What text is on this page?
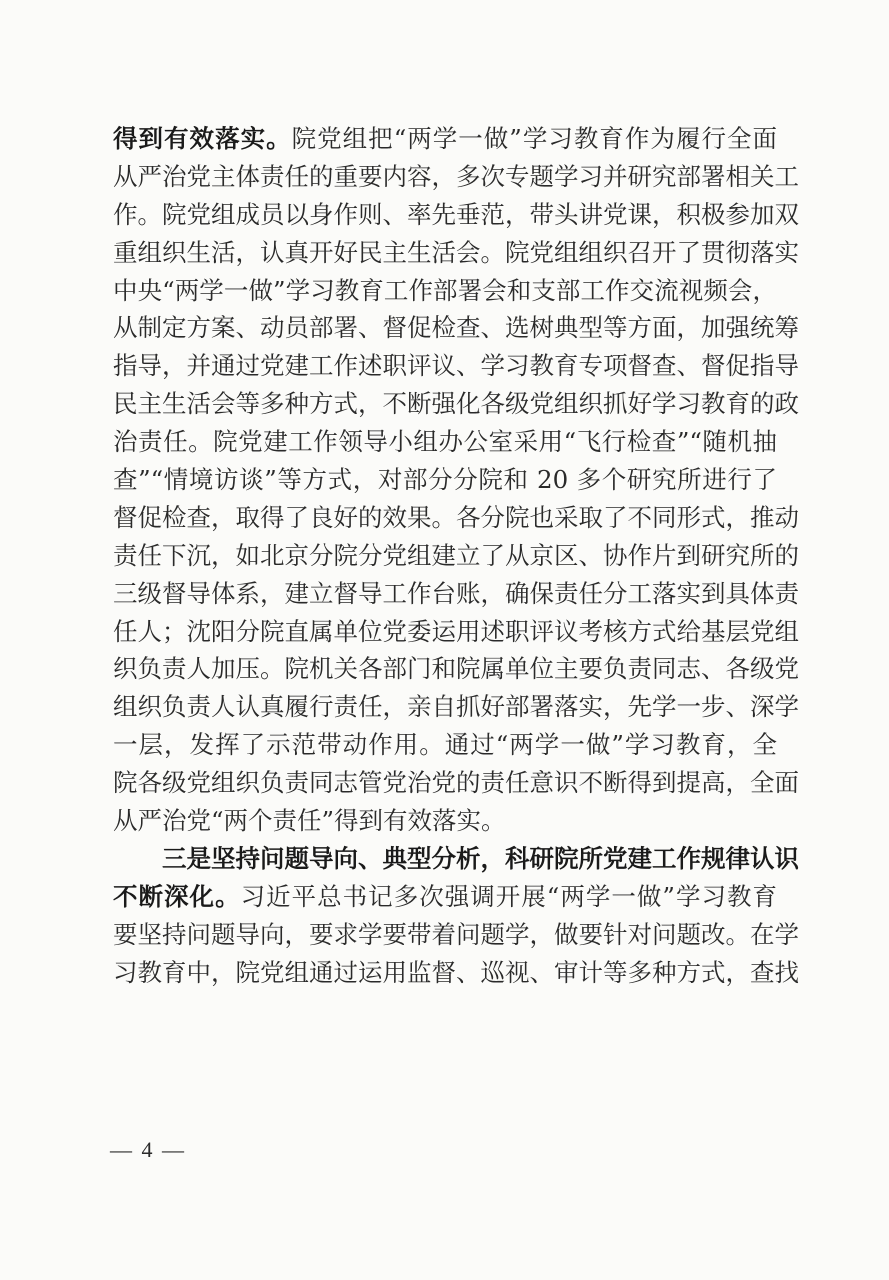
得到有效落实。院党组把“两学一做”学习教育作为履行全面
从严治党主体责任的重要内容，多次专题学习并研究部署相关工
作。院党组成员以身作则、率先垂范，带头讲党课，积极参加双
重组织生活，认真开好民主生活会。院党组组织召开了贯彻落实
中央“两学一做”学习教育工作部署会和支部工作交流视频会，
从制定方案、动员部署、督促检查、选树典型等方面，加强统筹
指导，并通过党建工作述职评议、学习教育专项督查、督促指导
民主生活会等多种方式，不断强化各级党组织抓好学习教育的政
治责任。院党建工作领导小组办公室采用“飞行检查”“随机抽
查”“情境访谈”等方式，对部分分院和 20 多个研究所进行了
督促检查，取得了良好的效果。各分院也采取了不同形式，推动
责任下沉，如北京分院分党组建立了从京区、协作片到研究所的
三级督导体系，建立督导工作台账，确保责任分工落实到具体责
任人；沈阳分院直属单位党委运用述职评议考核方式给基层党组
织负责人加压。院机关各部门和院属单位主要负责同志、各级党
组织负责人认真履行责任，亲自抓好部署落实，先学一步、深学
一层，发挥了示范带动作用。通过“两学一做”学习教育，全
院各级党组织负责同志管党治党的责任意识不断得到提高，全面
从严治党“两个责任”得到有效落实。
三是坚持问题导向、典型分析，科研院所党建工作规律认识
不断深化。习近平总书记多次强调开展“两学一做”学习教育
要坚持问题导向，要求学要带着问题学，做要针对问题改。在学
习教育中，院党组通过运用监督、巡视、审计等多种方式，查找
— 4 —
